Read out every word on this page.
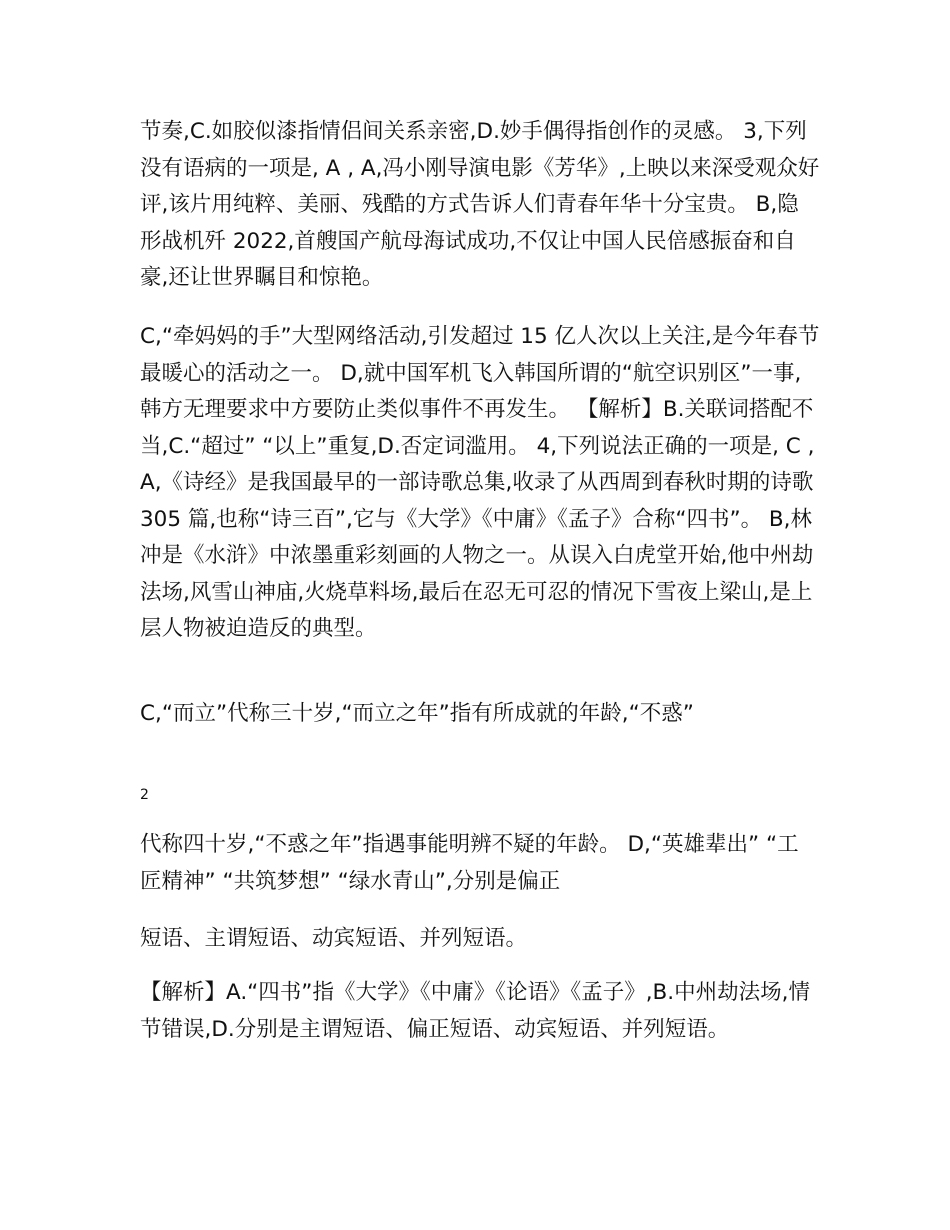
节奏,C.如胶似漆指情侣间关系亲密,D.妙手偶得指创作的灵感。 3,下列没有语病的一项是, A , A,冯小刚导演电影《芳华》,上映以来深受观众好评,该片用纯粹、美丽、残酷的方式告诉人们青春年华十分宝贵。 B,隐形战机歼 2022,首艘国产航母海试成功,不仅让中国人民倍感振奋和自豪,还让世界瞩目和惊艳。

C,“牵妈妈的手”大型网络活动,引发超过 15 亿人次以上关注,是今年春节最暖心的活动之一。 D,就中国军机飞入韩国所谓的“航空识别区”一事,韩方无理要求中方要防止类似事件不再发生。 【解析】B.关联词搭配不当,C.“超过” “以上”重复,D.否定词滥用。 4,下列说法正确的一项是, C , A,《诗经》是我国最早的一部诗歌总集,收录了从西周到春秋时期的诗歌 305 篇,也称“诗三百”,它与《大学》《中庸》《孟子》合称“四书”。 B,林冲是《水浒》中浓墨重彩刻画的人物之一。从误入白虎堂开始,他中州劫法场,风雪山神庙,火烧草料场,最后在忍无可忍的情况下雪夜上梁山,是上层人物被迫造反的典型。

C,“而立”代称三十岁,“而立之年”指有所成就的年龄,“不惑”

2

代称四十岁,“不惑之年”指遇事能明辨不疑的年龄。 D,“英雄辈出” “工匠精神” “共筑梦想” “绿水青山”,分别是偏正

短语、主谓短语、动宾短语、并列短语。

【解析】A.“四书”指《大学》《中庸》《论语》《孟子》,B.中州劫法场,情节错误,D.分别是主谓短语、偏正短语、动宾短语、并列短语。
